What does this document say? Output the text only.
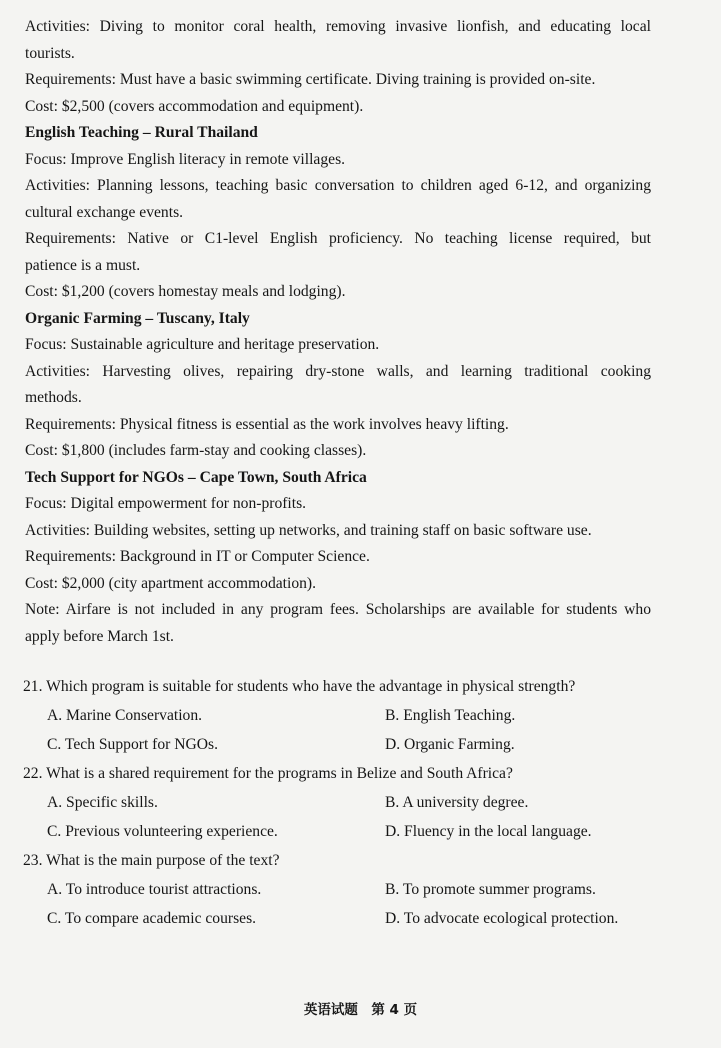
Activities: Diving to monitor coral health, removing invasive lionfish, and educating local
tourists.
Requirements: Must have a basic swimming certificate. Diving training is provided on-site.
Cost: $2,500 (covers accommodation and equipment).
English Teaching – Rural Thailand
Focus: Improve English literacy in remote villages.
Activities: Planning lessons, teaching basic conversation to children aged 6-12, and organizing
cultural exchange events.
Requirements: Native or C1-level English proficiency. No teaching license required, but
patience is a must.
Cost: $1,200 (covers homestay meals and lodging).
Organic Farming – Tuscany, Italy
Focus: Sustainable agriculture and heritage preservation.
Activities: Harvesting olives, repairing dry-stone walls, and learning traditional cooking
methods.
Requirements: Physical fitness is essential as the work involves heavy lifting.
Cost: $1,800 (includes farm-stay and cooking classes).
Tech Support for NGOs – Cape Town, South Africa
Focus: Digital empowerment for non-profits.
Activities: Building websites, setting up networks, and training staff on basic software use.
Requirements: Background in IT or Computer Science.
Cost: $2,000 (city apartment accommodation).
Note: Airfare is not included in any program fees. Scholarships are available for students who
apply before March 1st.
21. Which program is suitable for students who have the advantage in physical strength?
A. Marine Conservation.	B. English Teaching.
C. Tech Support for NGOs.	D. Organic Farming.
22. What is a shared requirement for the programs in Belize and South Africa?
A. Specific skills.	B. A university degree.
C. Previous volunteering experience.	D. Fluency in the local language.
23. What is the main purpose of the text?
A. To introduce tourist attractions.	B. To promote summer programs.
C. To compare academic courses.	D. To advocate ecological protection.
英语试题　第 4 页
